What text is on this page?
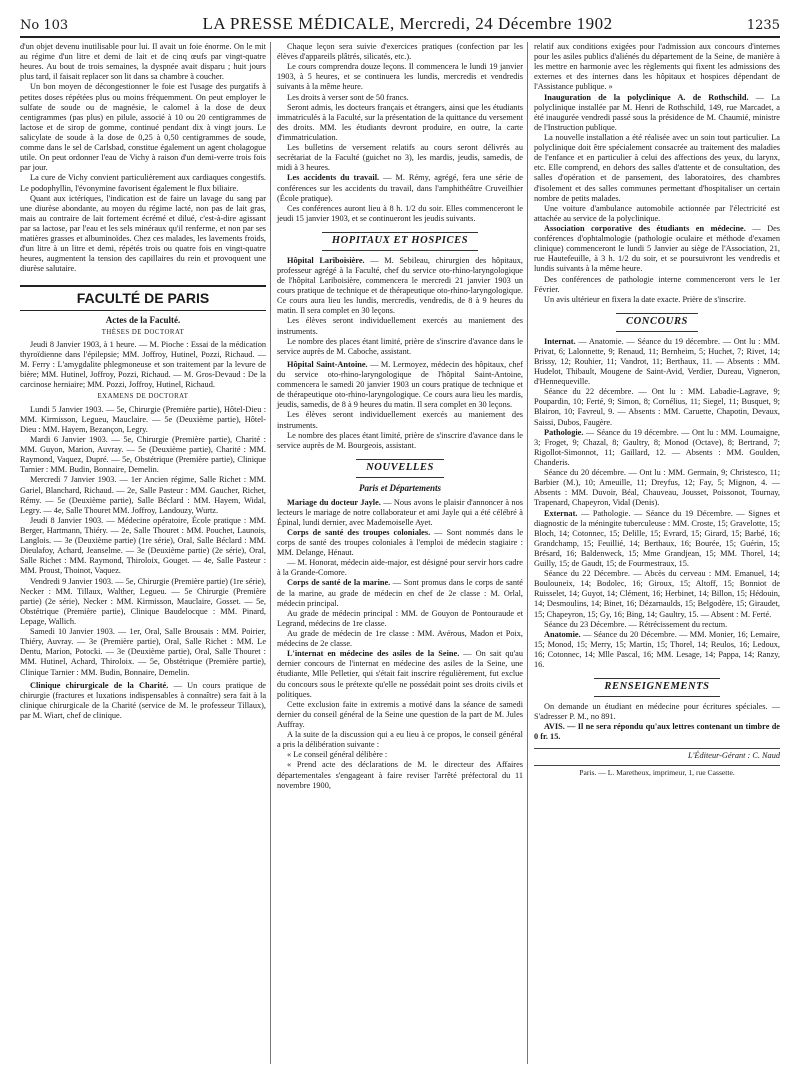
No 103	LA PRESSE MÉDICALE, Mercredi, 24 Décembre 1902	1235

d'un objet devenu inutilisable pour lui. Il avait un foie énorme. On le mit au régime d'un litre et demi de lait et de cinq œufs par vingt-quatre heures. Au bout de trois semaines, la dyspnée avait disparu ; huit jours plus tard, il faisait replacer son lit dans sa chambre à coucher.

Un bon moyen de décongestionner le foie est l'usage des purgatifs à petites doses répétées plus ou moins fréquemment. On peut employer le sulfate de soude ou de magnésie, le calomel à la dose de deux centigrammes (pas plus) en pilule, associé à 10 ou 20 centigrammes de lactose et de sirop de gomme, continué pendant dix à vingt jours. Le salicylate de soude à la dose de 0,25 à 0,50 centigrammes de soude, comme dans le sel de Carlsbad, constitue également un agent cholagogue utile. On peut ordonner l'eau de Vichy à raison d'un demi-verre trois fois par jour.

La cure de Vichy convient particulièrement aux cardiaques congestifs. Le podophyllin, l'évonymine favorisent également le flux biliaire.

Quant aux ictériques, l'indication est de faire un lavage du sang par une diurèse abondante, au moyen du régime lacté, non pas de lait gras, mais au contraire de lait fortement écrémé et dilué, c'est-à-dire agissant par sa lactose, par l'eau et les sels minéraux qu'il renferme, et non par ses matières grasses et albuminoïdes. Chez ces malades, les lavements froids, d'un litre à un litre et demi, répétés trois ou quatre fois en vingt-quatre heures, augmentent la tension des capillaires du rein et provoquent une diurèse salutaire.

FACULTÉ DE PARIS
Actes de la Faculté.
THÈSES DE DOCTORAT

Jeudi 8 Janvier 1903, à 1 heure. — M. Pioche : Essai de la médication thyroïdienne dans l'épilepsie; MM. Joffroy, Hutinel, Pozzi, Richaud. — M. Ferry : L'amygdalite phlegmoneuse et son traitement par la levure de bière; MM. Hutinel, Joffroy, Pozzi, Richaud. — M. Gros-Devaud : De la carcinose herniaire; MM. Pozzi, Joffroy, Hutinel, Richaud.

EXAMENS DE DOCTORAT

Lundi 5 Janvier 1903. — 5e, Chirurgie (Première partie), Hôtel-Dieu : MM. Kirmisson, Legueu, Mauclaire. — 5e (Deuxième partie), Hôtel-Dieu : MM. Hayem, Bezançon, Legry.

Mardi 6 Janvier 1903. — 5e, Chirurgie (Première partie), Charité : MM. Guyon, Marion, Auvray. — 5e (Deuxième partie), Charité : MM. Raymond, Vaquez, Dupré. — 5e, Obstétrique (Première partie), Clinique Tarnier : MM. Budin, Bonnaire, Demelin.

Mercredi 7 Janvier 1903. — 1er Ancien régime, Salle Richet : MM. Gariel, Blanchard, Richaud. — 2e, Salle Pasteur : MM. Gaucher, Richet, Rémy. — 5e (Deuxième partie), Salle Béclard : MM. Hayem, Widal, Legry. — 4e, Salle Thouret MM. Joffroy, Landouzy, Wurtz.

Jeudi 8 Janvier 1903. — Médecine opératoire, École pratique : MM. Berger, Hartmann, Thiéry. — 2e, Salle Thouret : MM. Pouchet, Launois, Langlois. — 3e (Deuxième partie) (1re série), Oral, Salle Béclard : MM. Dieulafoy, Achard, Jeanselme. — 3e (Deuxième partie) (2e série), Oral, Salle Richet : MM. Raymond, Thiroloix, Gouget. — 4e, Salle Pasteur : MM. Proust, Thoinot, Vaquez.

Vendredi 9 Janvier 1903. — 5e, Chirurgie (Première partie) (1re série), Necker : MM. Tillaux, Walther, Legueu. — 5e Chirurgie (Première partie) (2e série), Necker : MM. Kirmisson, Mauclaire, Gosset. — 5e, Obstétrique (Première partie), Clinique Baudelocque : MM. Pinard, Lepage, Wallich.

Samedi 10 Janvier 1903. — 1er, Oral, Salle Brousais : MM. Poirier, Thiéry, Auvray. — 3e (Première partie), Oral, Salle Richet : MM. Le Dentu, Marion, Potocki. — 3e (Deuxième partie), Oral, Salle Thouret : MM. Hutinel, Achard, Thiroloix. — 5e, Obstétrique (Première partie), Clinique Tarnier : MM. Budin, Bonnaire, Demelin.

Clinique chirurgicale de la Charité. — Un cours pratique de chirurgie (fractures et luxations indispensables à connaître) sera fait à la clinique chirurgicale de la Charité (service de M. le professeur Tillaux), par M. Wiart, chef de clinique.

Chaque leçon sera suivie d'exercices pratiques (confection par les élèves d'appareils plâtrés, silicatés, etc.).

Le cours comprendra douze leçons. Il commencera le lundi 19 janvier 1903, à 5 heures, et se continuera les lundis, mercredis et vendredis suivants à la même heure.

Les droits à verser sont de 50 francs.

Seront admis, les docteurs français et étrangers, ainsi que les étudiants immatriculés à la Faculté, sur la présentation de la quittance du versement des droits. MM. les étudiants devront produire, en outre, la carte d'immatriculation.

Les bulletins de versement relatifs au cours seront délivrés au secrétariat de la Faculté (guichet no 3), les mardis, jeudis, samedis, de midi à 3 heures.

Les accidents du travail. — M. Rémy, agrégé, fera une série de conférences sur les accidents du travail, dans l'amphithéâtre Cruveilhier (École pratique).

Ces conférences auront lieu à 8 h. 1/2 du soir. Elles commenceront le jeudi 15 janvier 1903, et se continueront les jeudis suivants.

HOPITAUX ET HOSPICES

Hôpital Lariboisière. — M. Sebileau, chirurgien des hôpitaux, professeur agrégé à la Faculté, chef du service oto-rhino-laryngologique de l'hôpital Lariboisière, commencera le mercredi 21 janvier 1903 un cours pratique de technique et de thérapeutique oto-rhino-laryngologique. Ce cours aura lieu les lundis, mercredis, vendredis, de 8 à 9 heures du matin. Il sera complet en 30 leçons.

Les élèves seront individuellement exercés au maniement des instruments.

Le nombre des places étant limité, prière de s'inscrire d'avance dans le service auprès de M. Caboche, assistant.

Hôpital Saint-Antoine. — M. Lermoyez, médecin des hôpitaux, chef du service oto-rhino-laryngologique de l'hôpital Saint-Antoine, commencera le samedi 20 janvier 1903 un cours pratique de technique et de thérapeutique oto-rhino-laryngologique. Ce cours aura lieu les mardis, jeudis, samedis, de 8 à 9 heures du matin. Il sera complet en 30 leçons.

Les élèves seront individuellement exercés au maniement des instruments.

Le nombre des places étant limité, prière de s'inscrire d'avance dans le service auprès de M. Bourgeois, assistant.

NOUVELLES
Paris et Départements

Mariage du docteur Jayle. — Nous avons le plaisir d'annoncer à nos lecteurs le mariage de notre collaborateur et ami Jayle qui a été célébré à Épinal, lundi dernier, avec Mademoiselle Ayet.

Corps de santé des troupes coloniales. — Sont nommés dans le corps de santé des troupes coloniales à l'emploi de médecin stagiaire : MM. Delange, Hénaut.

— M. Honorat, médecin aide-major, est désigné pour servir hors cadre à la Grande-Comore.

Corps de santé de la marine. — Sont promus dans le corps de santé de la marine, au grade de médecin en chef de 2e classe : M. Orlal, médecin principal.

Au grade de médecin principal : MM. de Gouyon de Pontouraude et Legrand, médecins de 1re classe.

Au grade de médecin de 1re classe : MM. Avérous, Madon et Poix, médecins de 2e classe.

L'internat en médecine des asiles de la Seine. — On sait qu'au dernier concours de l'internat en médecine des asiles de la Seine, une étudiante, Mlle Pelletier, qui s'était fait inscrire régulièrement, fut exclue du concours sous le prétexte qu'elle ne possédait point ses droits civils et politiques.

Cette exclusion faite in extremis a motivé dans la séance de samedi dernier du conseil général de la Seine une question de la part de M. Jules Auffray.

A la suite de la discussion qui a eu lieu à ce propos, le conseil général a pris la délibération suivante :

« Le conseil général délibère :

« Prend acte des déclarations de M. le directeur des Affaires départementales s'engageant à faire reviser l'arrêté préfectoral du 11 novembre 1900,

relatif aux conditions exigées pour l'admission aux concours d'internes pour les asiles publics d'aliénés du département de la Seine, de manière à les mettre en harmonie avec les règlements qui fixent les admissions des externes et des internes dans les hôpitaux et hospices dépendant de l'Assistance publique. »

Inauguration de la polyclinique A. de Rothschild. — La polyclinique installée par M. Henri de Rothschild, 149, rue Marcadet, a été inaugurée vendredi passé sous la présidence de M. Chaumié, ministre de l'Instruction publique.

La nouvelle installation a été réalisée avec un soin tout particulier. La polyclinique doit être spécialement consacrée au traitement des maladies de l'enfance et en particulier à celui des affections des yeux, du larynx, etc. Elle comprend, en dehors des salles d'attente et de consultation, des salles d'opération et de pansement, des laboratoires, des chambres d'isolement et des salles communes permettant d'hospitaliser un certain nombre de petits malades.

Une voiture d'ambulance automobile actionnée par l'électricité est attachée au service de la polyclinique.

Association corporative des étudiants en médecine. — Des conférences d'ophtalmologie (pathologie oculaire et méthode d'examen clinique) commenceront le lundi 5 Janvier au siège de l'Association, 21, rue Hautefeuille, à 3 h. 1/2 du soir, et se poursuivront les vendredis et lundis suivants à la même heure.

Des conférences de pathologie interne commenceront vers le 1er Février.

Un avis ultérieur en fixera la date exacte. Prière de s'inscrire.

CONCOURS

Internat. — Anatomie. — Séance du 19 décembre. — Ont lu : MM. Privat, 6; Lalonnette, 9; Renaud, 11; Bernheim, 5; Huchet, 7; Rivet, 14; Brissy, 12; Rouhier, 11; Vandrot, 11; Berthaux, 11. — Absents : MM. Hudelot, Thibault, Mougene de Saint-Avid, Verdier, Dureau, Vigneron, d'Hennequeville.

Séance du 22 décembre. — Ont lu : MM. Labadie-Lagrave, 9; Poupardin, 10; Ferté, 9; Simon, 8; Cornélius, 11; Siegel, 11; Busquet, 9; Blairon, 10; Favreul, 9. — Absents : MM. Caruette, Chapotin, Devaux, Saissi, Dubos, Faugère.

Pathologie. — Séance du 19 décembre. — Ont lu : MM. Loumaigne, 3; Froget, 9; Chazal, 8; Gaultry, 8; Monod (Octave), 8; Bertrand, 7; Rigollot-Simonnot, 11; Gaillard, 12. — Absents : MM. Goulden, Chanderis.

Séance du 20 décembre. — Ont lu : MM. Germain, 9; Christesco, 11; Barbier (M.), 10; Ameuille, 11; Dreyfus, 12; Fay, 5; Mignon, 4. — Absents : MM. Duvoir, Béal, Chauveau, Jousset, Poissonot, Tournay, Trapenard, Chapeyron, Vidal (Denis).

Externat. — Pathologie. — Séance du 19 Décembre. — Signes et diagnostic de la méningite tuberculeuse : MM. Croste, 15; Gravelotte, 15; Bloch, 14; Cotonnec, 15; Delille, 15; Evrard, 15; Girard, 15; Barbé, 16; Grandchamp, 15; Feuillié, 14; Berthaux, 16; Bourée, 15; Guérin, 15; Brésard, 16; Baldenweck, 15; Mme Grandjean, 15; MM. Thorel, 14; Guilly, 15; de Gaudt, 15; de Fourmestraux, 15.

Séance du 22 Décembre. — Abcès du cerveau : MM. Emanuel, 14; Boulouneix, 14; Bodolec, 16; Giroux, 15; Altoff, 15; Bonniot de Ruisselet, 14; Guyot, 14; Clément, 16; Herbinet, 14; Billon, 15; Hédouin, 14; Desmoulins, 14; Binet, 16; Dézarnaulds, 15; Belgodère, 15; Giraudet, 15; Chapeyron, 15; Gy, 16; Bing, 14; Gaultry, 15. — Absent : M. Ferté.

Séance du 23 Décembre. — Rétrécissement du rectum.

Anatomie. — Séance du 20 Décembre. — MM. Monier, 16; Lemaire, 15; Monod, 15; Merry, 15; Martin, 15; Thorel, 14; Reulos, 16; Ledoux, 16; Cotonnec, 14; Mlle Pascal, 16; MM. Lesage, 14; Pappa, 14; Ranzy, 16.

RENSEIGNEMENTS

On demande un étudiant en médecine pour écritures spéciales. — S'adresser P. M., no 891.

AVIS. — Il ne sera répondu qu'aux lettres contenant un timbre de 0 fr. 15.

L'Éditeur-Gérant : C. Naud
Paris. — L. Maretheux, imprimeur, 1, rue Cassette.
